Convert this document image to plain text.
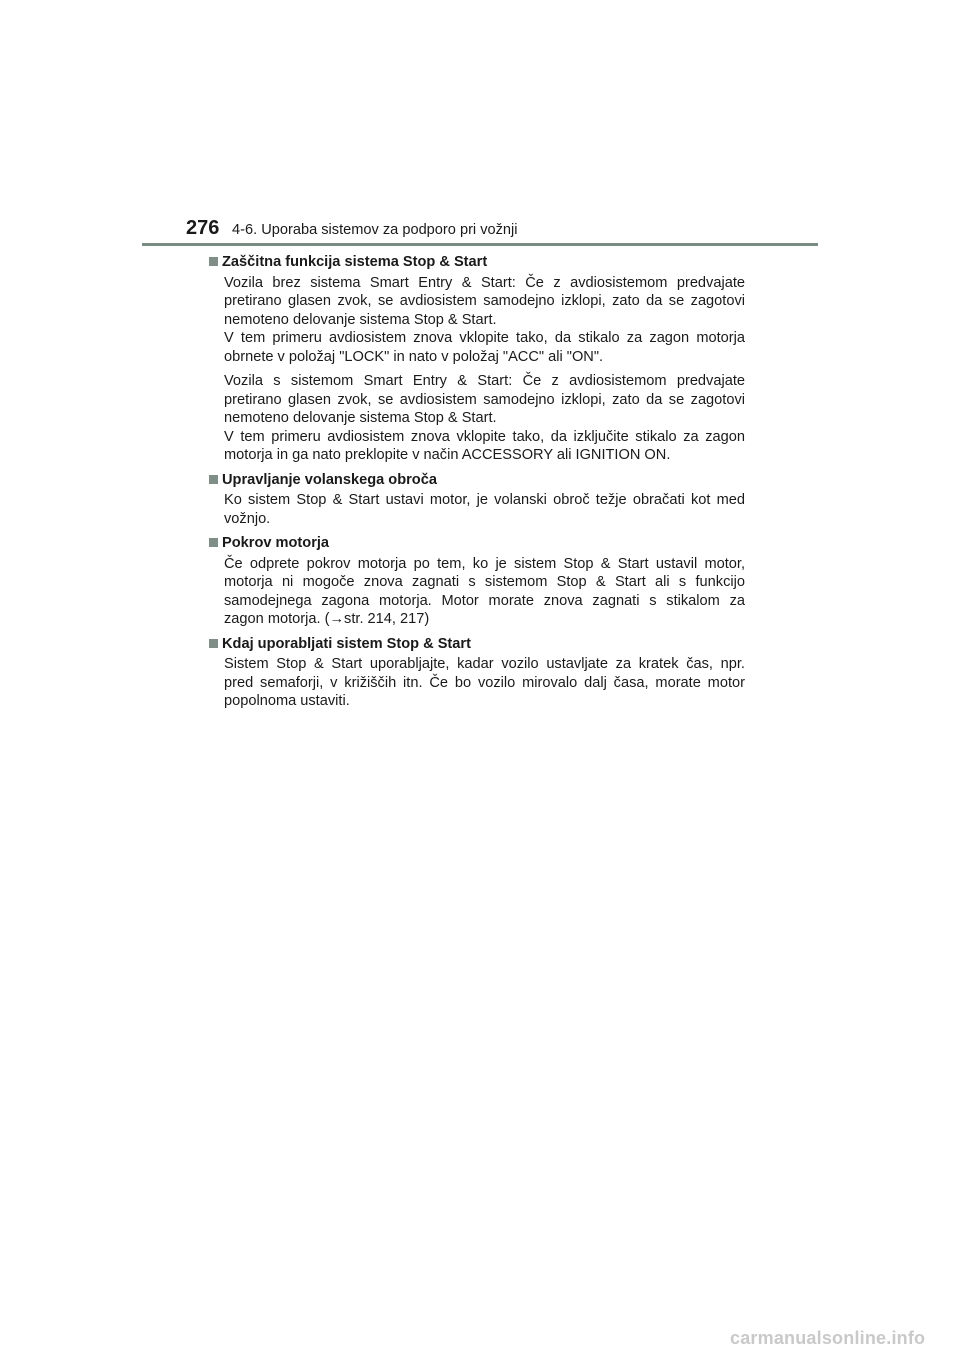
276 4-6. Uporaba sistemov za podporo pri vožnji
Zaščitna funkcija sistema Stop & Start
Vozila brez sistema Smart Entry & Start: Če z avdiosistemom predvajate
pretirano glasen zvok, se avdiosistem samodejno izklopi, zato da se zagotovi
nemoteno delovanje sistema Stop & Start.
V tem primeru avdiosistem znova vklopite tako, da stikalo za zagon motorja
obrnete v položaj "LOCK" in nato v položaj "ACC" ali "ON".
Vozila s sistemom Smart Entry & Start: Če z avdiosistemom predvajate
pretirano glasen zvok, se avdiosistem samodejno izklopi, zato da se zagotovi
nemoteno delovanje sistema Stop & Start.
V tem primeru avdiosistem znova vklopite tako, da izključite stikalo za zagon
motorja in ga nato preklopite v način ACCESSORY ali IGNITION ON.
Upravljanje volanskega obroča
Ko sistem Stop & Start ustavi motor, je volanski obroč težje obračati kot med
vožnjo.
Pokrov motorja
Če odprete pokrov motorja po tem, ko je sistem Stop & Start ustavil motor,
motorja ni mogoče znova zagnati s sistemom Stop & Start ali s funkcijo
samodejnega zagona motorja. Motor morate znova zagnati s stikalom za
zagon motorja. (→str. 214, 217)
Kdaj uporabljati sistem Stop & Start
Sistem Stop & Start uporabljajte, kadar vozilo ustavljate za kratek čas, npr.
pred semaforji, v križiščih itn. Če bo vozilo mirovalo dalj časa, morate motor
popolnoma ustaviti.
carmanualsonline.info
